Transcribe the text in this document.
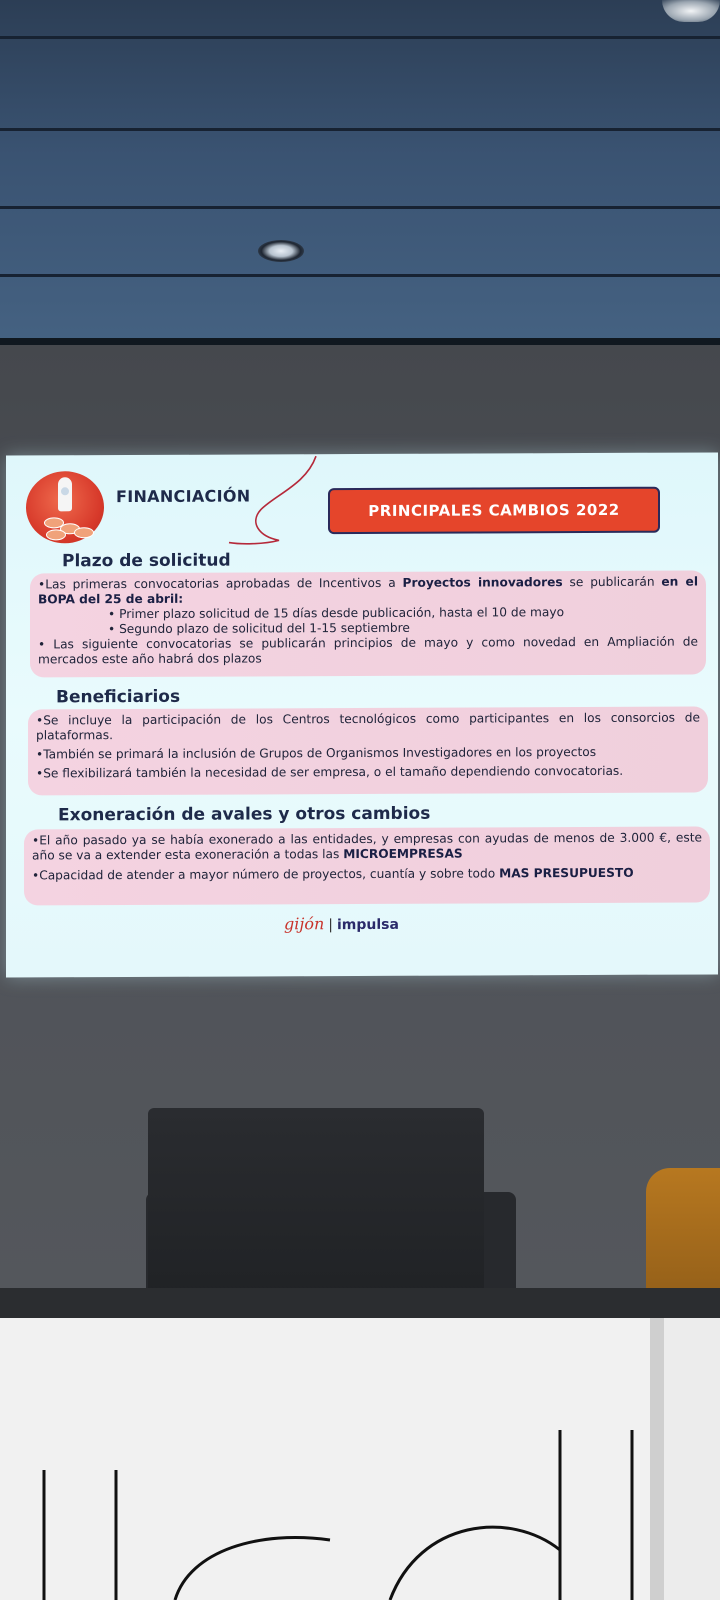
FINANCIACIÓN
PRINCIPALES CAMBIOS 2022
Plazo de solicitud

•Las primeras convocatorias aprobadas de Incentivos a Proyectos innovadores se publicarán en el BOPA del 25 de abril:

• Primer plazo solicitud de 15 días desde publicación, hasta el 10 de mayo

• Segundo plazo de solicitud del 1-15 septiembre

• Las siguiente convocatorias se publicarán principios de mayo y como novedad en Ampliación de mercados este año habrá dos plazos

Beneficiarios

•Se incluye la participación de los Centros tecnológicos como participantes en los consorcios de plataformas.

•También se primará la inclusión de Grupos de Organismos Investigadores en los proyectos

•Se flexibilizará también la necesidad de ser empresa, o el tamaño dependiendo convocatorias.

Exoneración de avales y otros cambios

•El año pasado ya se había exonerado a las entidades, y empresas con ayudas de menos de 3.000 €, este año se va a extender esta exoneración a todas las MICROEMPRESAS

•Capacidad de atender a mayor número de proyectos, cuantía y sobre todo MAS PRESUPUESTO

gijón | impulsa
